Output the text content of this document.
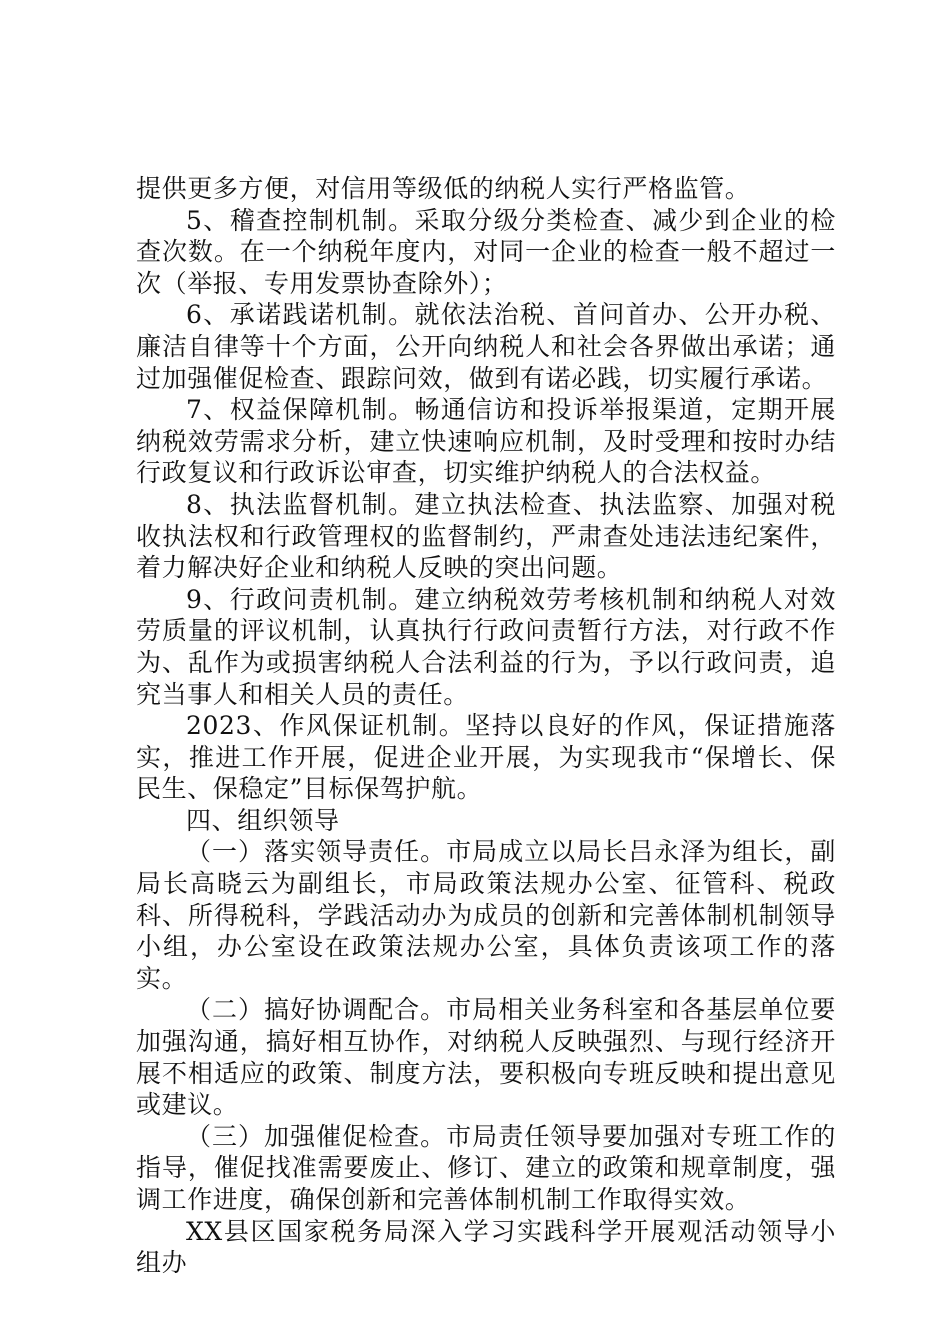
提供更多方便，对信用等级低的纳税人实行严格监管。

5、稽查控制机制。采取分级分类检查、减少到企业的检查次数。在一个纳税年度内，对同一企业的检查一般不超过一次（举报、专用发票协查除外）；

6、承诺践诺机制。就依法治税、首问首办、公开办税、廉洁自律等十个方面，公开向纳税人和社会各界做出承诺；通过加强催促检查、跟踪问效，做到有诺必践，切实履行承诺。

7、权益保障机制。畅通信访和投诉举报渠道，定期开展纳税效劳需求分析，建立快速响应机制，及时受理和按时办结行政复议和行政诉讼审查，切实维护纳税人的合法权益。

8、执法监督机制。建立执法检查、执法监察、加强对税收执法权和行政管理权的监督制约，严肃查处违法违纪案件，着力解决好企业和纳税人反映的突出问题。

9、行政问责机制。建立纳税效劳考核机制和纳税人对效劳质量的评议机制，认真执行行政问责暂行方法，对行政不作为、乱作为或损害纳税人合法利益的行为，予以行政问责，追究当事人和相关人员的责任。

2023、作风保证机制。坚持以良好的作风，保证措施落实，推进工作开展，促进企业开展，为实现我市“保增长、保民生、保稳定”目标保驾护航。

四、组织领导

（一）落实领导责任。市局成立以局长吕永泽为组长，副局长高晓云为副组长，市局政策法规办公室、征管科、税政科、所得税科，学践活动办为成员的创新和完善体制机制领导小组，办公室设在政策法规办公室，具体负责该项工作的落实。

（二）搞好协调配合。市局相关业务科室和各基层单位要加强沟通，搞好相互协作，对纳税人反映强烈、与现行经济开展不相适应的政策、制度方法，要积极向专班反映和提出意见或建议。

（三）加强催促检查。市局责任领导要加强对专班工作的指导，催促找准需要废止、修订、建立的政策和规章制度，强调工作进度，确保创新和完善体制机制工作取得实效。

XX县区国家税务局深入学习实践科学开展观活动领导小组办
